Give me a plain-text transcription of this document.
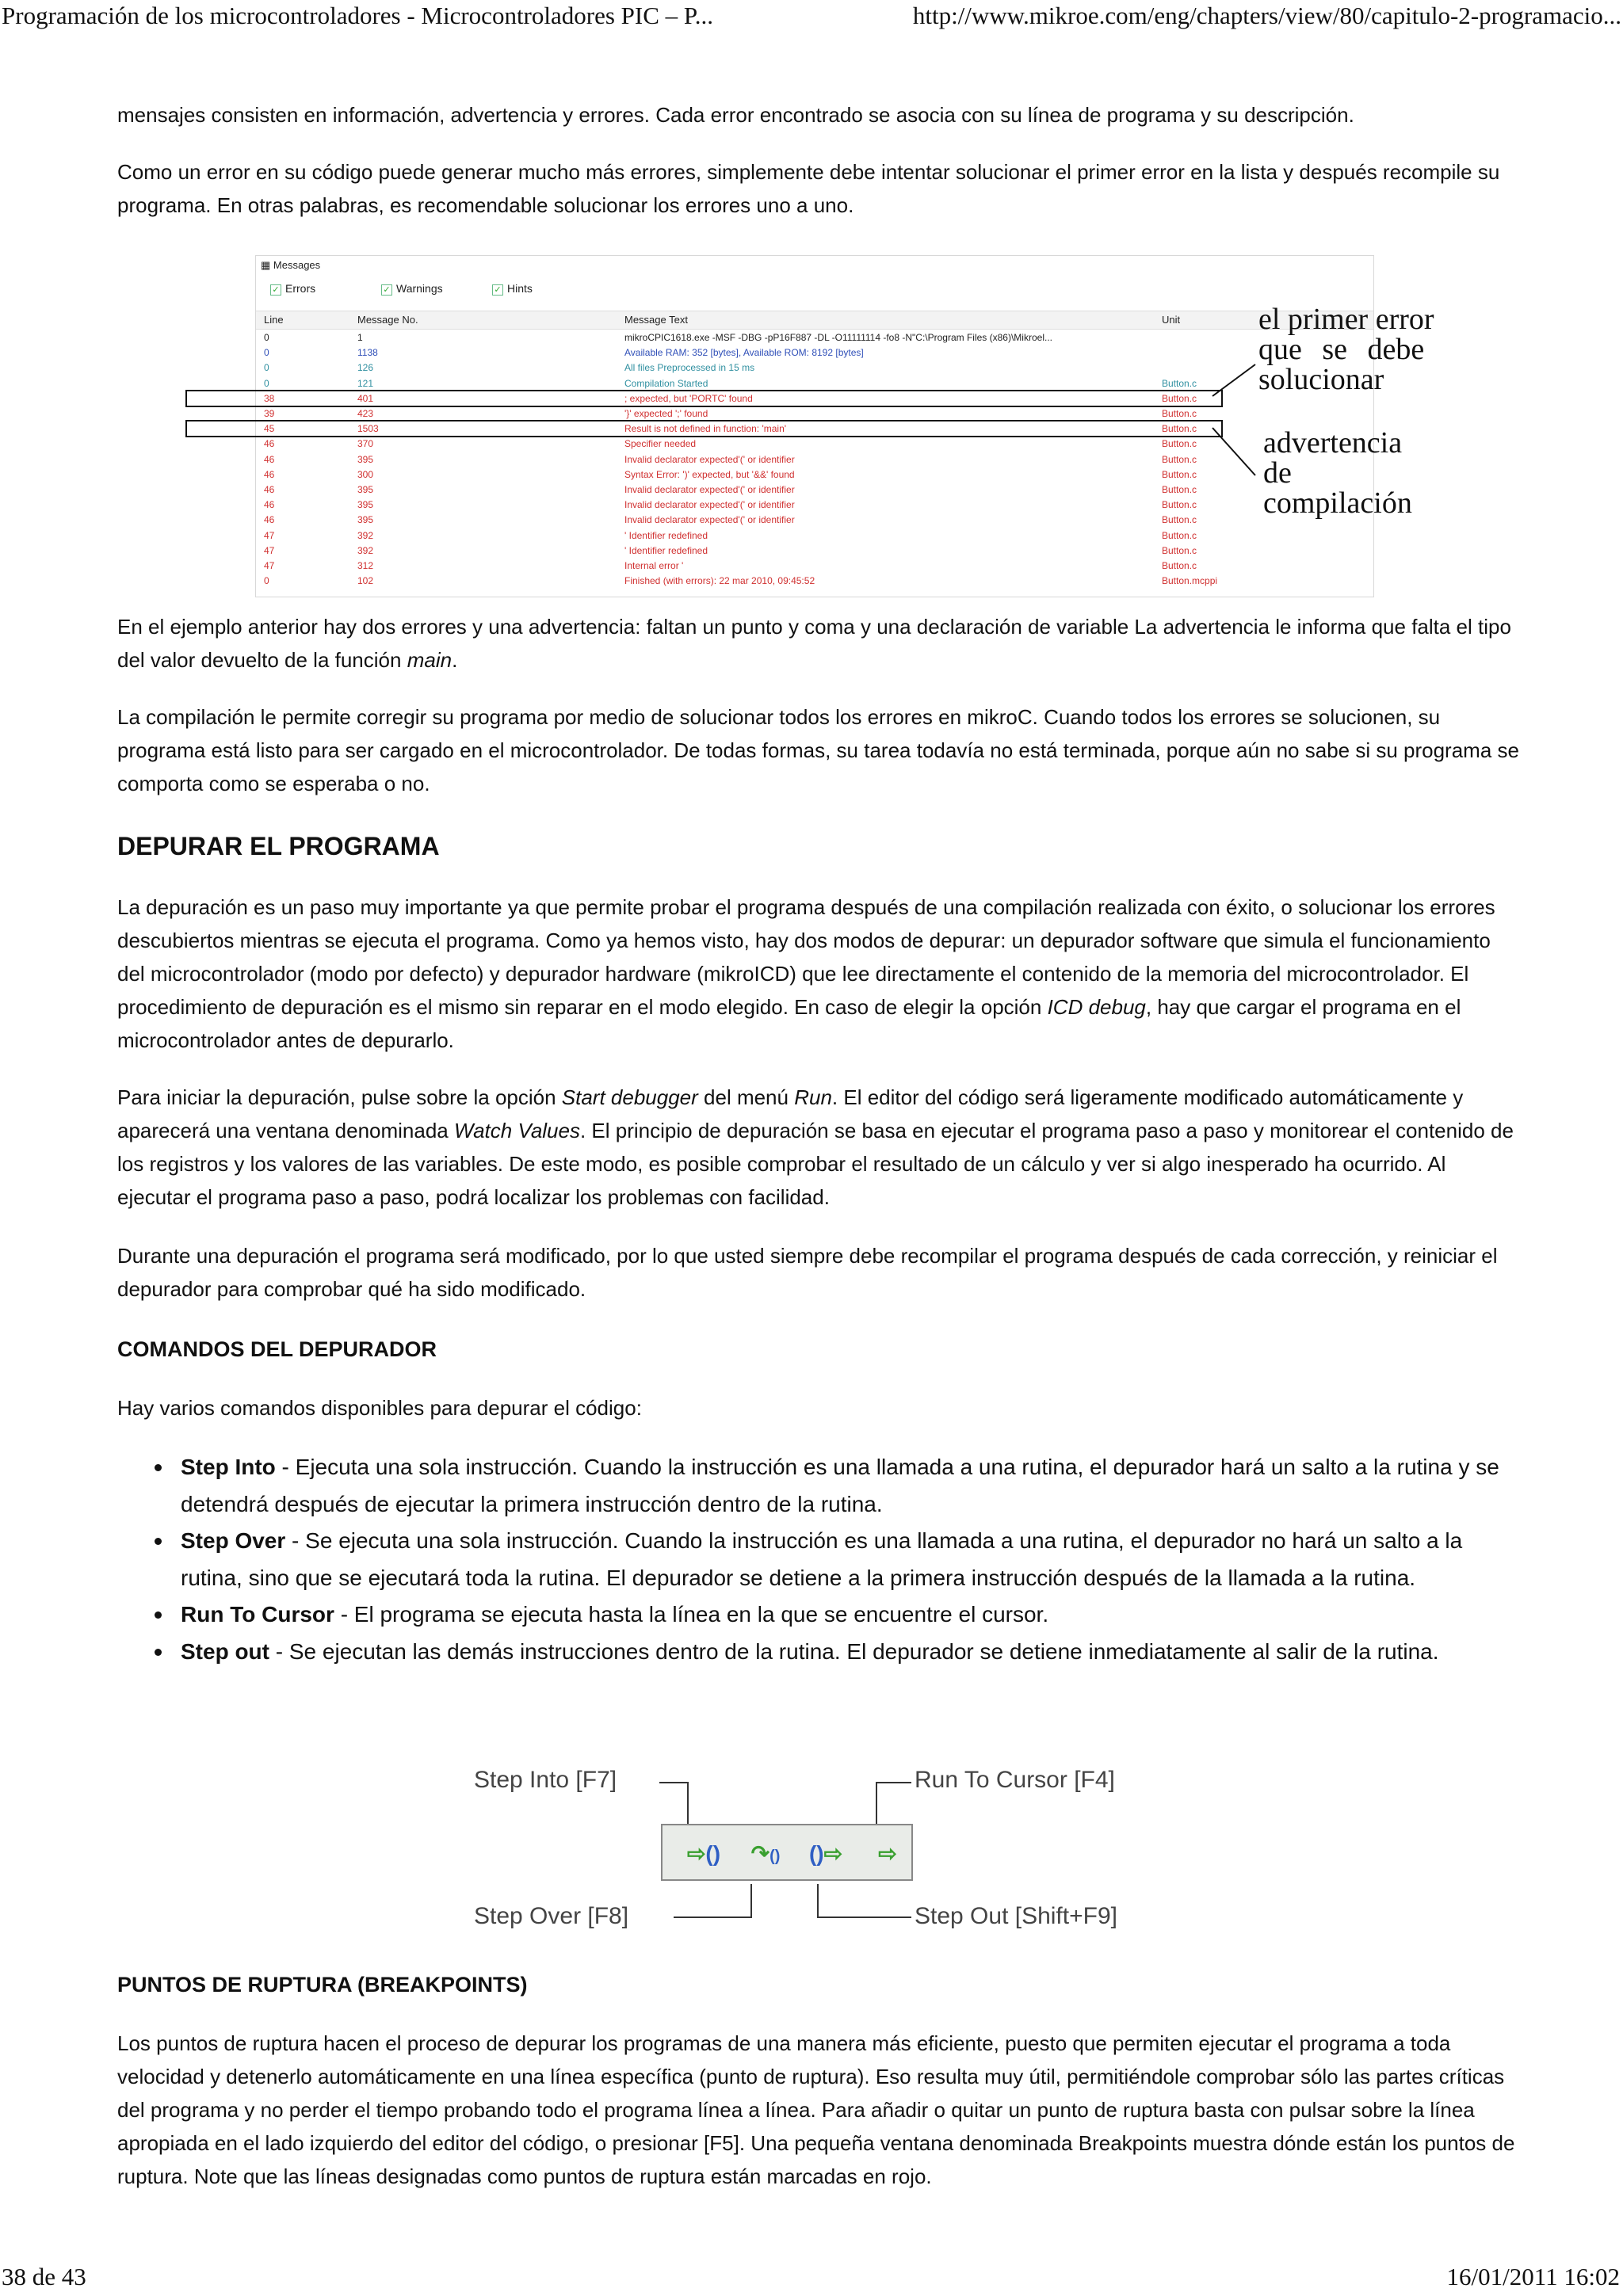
Programación de los microcontroladores - Microcontroladores PIC – P...	http://www.mikroe.com/eng/chapters/view/80/capitulo-2-programacio...

mensajes consisten en información, advertencia y errores. Cada error encontrado se asocia con su línea de programa y su descripción.

Como un error en su código puede generar mucho más errores, simplemente debe intentar solucionar el primer error en la lista y después recompile su programa. En otras palabras, es recomendable solucionar los errores uno a uno.

▦ Messages
✓ Errors	✓ Warnings	✓ Hints
Line	Message No.	Message Text	Unit
0	1	mikroCPIC1618.exe -MSF -DBG -pP16F887 -DL -O11111114 -fo8 -N"C:\Program Files (x86)\Mikroel...
0	1138	Available RAM: 352 [bytes], Available ROM: 8192 [bytes]
0	126	All files Preprocessed in 15 ms
0	121	Compilation Started	Button.c
38	401	; expected, but 'PORTC' found	Button.c
39	423	'}' expected ';' found	Button.c
45	1503	Result is not defined in function: 'main'	Button.c
46	370	Specifier needed	Button.c
46	395	Invalid declarator expected'(' or identifier	Button.c
46	300	Syntax Error: ')' expected, but '&&' found	Button.c
46	395	Invalid declarator expected'(' or identifier	Button.c
46	395	Invalid declarator expected'(' or identifier	Button.c
46	395	Invalid declarator expected'(' or identifier	Button.c
47	392	' Identifier redefined	Button.c
47	392	' Identifier redefined	Button.c
47	312	Internal error '	Button.c
0	102	Finished (with errors): 22 mar 2010, 09:45:52	Button.mcppi
el primer error
que se debe
solucionar
advertencia
de
compilación

En el ejemplo anterior hay dos errores y una advertencia: faltan un punto y coma y una declaración de variable La advertencia le informa que falta el tipo del valor devuelto de la función main.

La compilación le permite corregir su programa por medio de solucionar todos los errores en mikroC. Cuando todos los errores se solucionen, su programa está listo para ser cargado en el microcontrolador. De todas formas, su tarea todavía no está terminada, porque aún no sabe si su programa se comporta como se esperaba o no.

DEPURAR EL PROGRAMA

La depuración es un paso muy importante ya que permite probar el programa después de una compilación realizada con éxito, o solucionar los errores descubiertos mientras se ejecuta el programa. Como ya hemos visto, hay dos modos de depurar: un depurador software que simula el funcionamiento del microcontrolador (modo por defecto) y depurador hardware (mikroICD) que lee directamente el contenido de la memoria del microcontrolador. El procedimiento de depuración es el mismo sin reparar en el modo elegido. En caso de elegir la opción ICD debug, hay que cargar el programa en el microcontrolador antes de depurarlo.

Para iniciar la depuración, pulse sobre la opción Start debugger del menú Run. El editor del código será ligeramente modificado automáticamente y aparecerá una ventana denominada Watch Values. El principio de depuración se basa en ejecutar el programa paso a paso y monitorear el contenido de los registros y los valores de las variables. De este modo, es posible comprobar el resultado de un cálculo y ver si algo inesperado ha ocurrido. Al ejecutar el programa paso a paso, podrá localizar los problemas con facilidad.

Durante una depuración el programa será modificado, por lo que usted siempre debe recompilar el programa después de cada corrección, y reiniciar el depurador para comprobar qué ha sido modificado.

COMANDOS DEL DEPURADOR

Hay varios comandos disponibles para depurar el código:

Step Into - Ejecuta una sola instrucción. Cuando la instrucción es una llamada a una rutina, el depurador hará un salto a la rutina y se detendrá después de ejecutar la primera instrucción dentro de la rutina.
Step Over - Se ejecuta una sola instrucción. Cuando la instrucción es una llamada a una rutina, el depurador no hará un salto a la rutina, sino que se ejecutará toda la rutina. El depurador se detiene a la primera instrucción después de la llamada a la rutina.
Run To Cursor - El programa se ejecuta hasta la línea en la que se encuentre el cursor.
Step out - Se ejecutan las demás instrucciones dentro de la rutina. El depurador se detiene inmediatamente al salir de la rutina.
Step Into [F7]	Run To Cursor [F4]
Step Over [F8]	Step Out [Shift+F9]
⇨()	↷()	()⇨	⇨
PUNTOS DE RUPTURA (BREAKPOINTS)

Los puntos de ruptura hacen el proceso de depurar los programas de una manera más eficiente, puesto que permiten ejecutar el programa a toda velocidad y detenerlo automáticamente en una línea específica (punto de ruptura). Eso resulta muy útil, permitiéndole comprobar sólo las partes críticas del programa y no perder el tiempo probando todo el programa línea a línea. Para añadir o quitar un punto de ruptura basta con pulsar sobre la línea apropiada en el lado izquierdo del editor del código, o presionar [F5]. Una pequeña ventana denominada Breakpoints muestra dónde están los puntos de ruptura. Note que las líneas designadas como puntos de ruptura están marcadas en rojo.

38 de 43	16/01/2011 16:02
